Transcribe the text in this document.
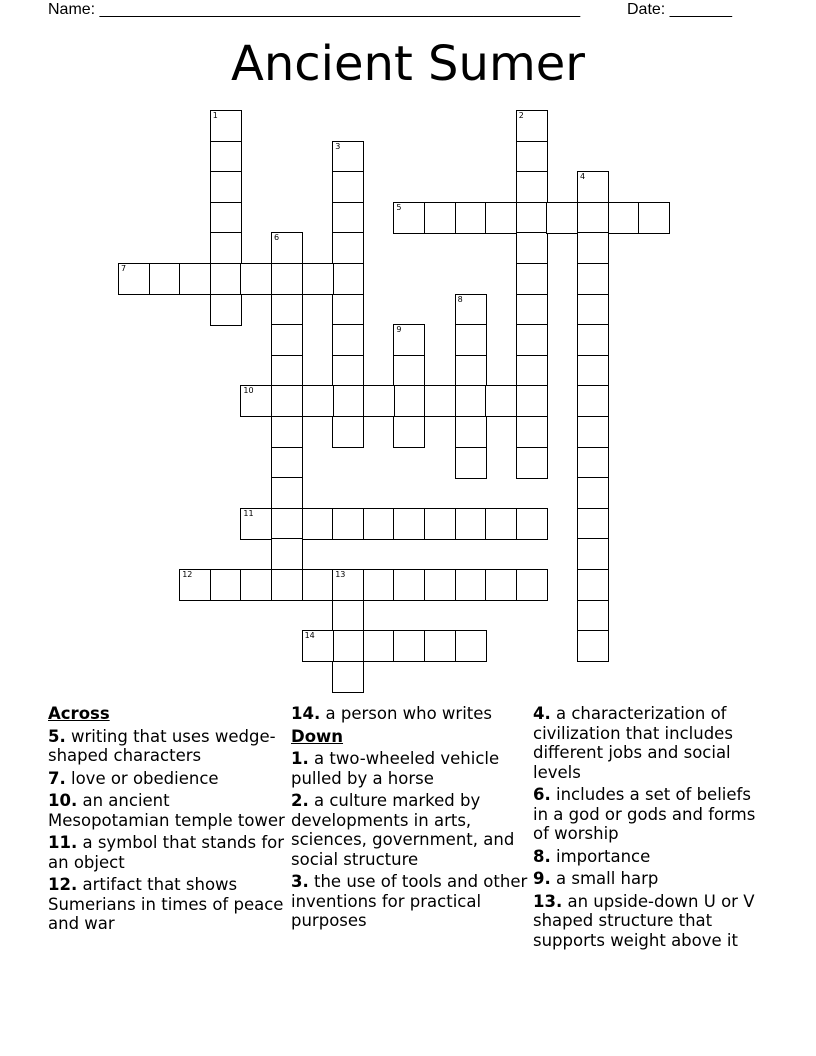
Name: ______________________________________________________	Date: _______
Ancient Sumer
1	2
3
4
5
6
7
8
9
10
11
12	13
14
Across
5. writing that uses wedge-shaped characters
7. love or obedience
10. an ancient Mesopotamian temple tower
11. a symbol that stands for an object
12. artifact that shows Sumerians in times of peace and war
14. a person who writes
Down
1. a two-wheeled vehicle pulled by a horse
2. a culture marked by developments in arts, sciences, government, and social structure
3. the use of tools and other inventions for practical purposes
4. a characterization of civilization that includes different jobs and social levels
6. includes a set of beliefs in a god or gods and forms of worship
8. importance
9. a small harp
13. an upside-down U or V shaped structure that supports weight above it
